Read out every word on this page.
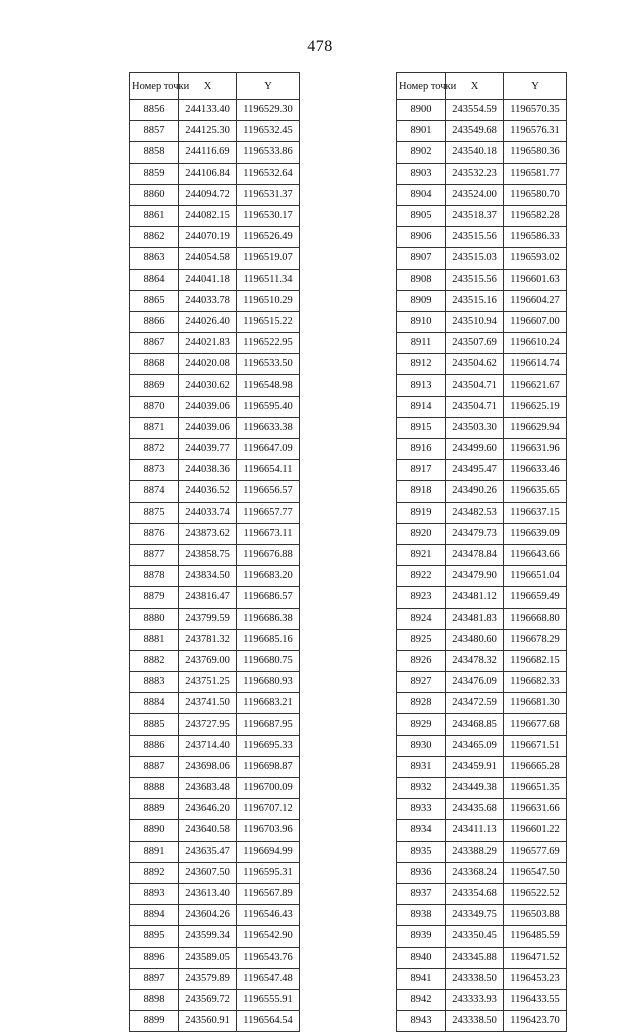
478
Номер точки	X	Y
8856	244133.40	1196529.30
8857	244125.30	1196532.45
8858	244116.69	1196533.86
8859	244106.84	1196532.64
8860	244094.72	1196531.37
8861	244082.15	1196530.17
8862	244070.19	1196526.49
8863	244054.58	1196519.07
8864	244041.18	1196511.34
8865	244033.78	1196510.29
8866	244026.40	1196515.22
8867	244021.83	1196522.95
8868	244020.08	1196533.50
8869	244030.62	1196548.98
8870	244039.06	1196595.40
8871	244039.06	1196633.38
8872	244039.77	1196647.09
8873	244038.36	1196654.11
8874	244036.52	1196656.57
8875	244033.74	1196657.77
8876	243873.62	1196673.11
8877	243858.75	1196676.88
8878	243834.50	1196683.20
8879	243816.47	1196686.57
8880	243799.59	1196686.38
8881	243781.32	1196685.16
8882	243769.00	1196680.75
8883	243751.25	1196680.93
8884	243741.50	1196683.21
8885	243727.95	1196687.95
8886	243714.40	1196695.33
8887	243698.06	1196698.87
8888	243683.48	1196700.09
8889	243646.20	1196707.12
8890	243640.58	1196703.96
8891	243635.47	1196694.99
8892	243607.50	1196595.31
8893	243613.40	1196567.89
8894	243604.26	1196546.43
8895	243599.34	1196542.90
8896	243589.05	1196543.76
8897	243579.89	1196547.48
8898	243569.72	1196555.91
8899	243560.91	1196564.54
Номер точки	X	Y
8900	243554.59	1196570.35
8901	243549.68	1196576.31
8902	243540.18	1196580.36
8903	243532.23	1196581.77
8904	243524.00	1196580.70
8905	243518.37	1196582.28
8906	243515.56	1196586.33
8907	243515.03	1196593.02
8908	243515.56	1196601.63
8909	243515.16	1196604.27
8910	243510.94	1196607.00
8911	243507.69	1196610.24
8912	243504.62	1196614.74
8913	243504.71	1196621.67
8914	243504.71	1196625.19
8915	243503.30	1196629.94
8916	243499.60	1196631.96
8917	243495.47	1196633.46
8918	243490.26	1196635.65
8919	243482.53	1196637.15
8920	243479.73	1196639.09
8921	243478.84	1196643.66
8922	243479.90	1196651.04
8923	243481.12	1196659.49
8924	243481.83	1196668.80
8925	243480.60	1196678.29
8926	243478.32	1196682.15
8927	243476.09	1196682.33
8928	243472.59	1196681.30
8929	243468.85	1196677.68
8930	243465.09	1196671.51
8931	243459.91	1196665.28
8932	243449.38	1196651.35
8933	243435.68	1196631.66
8934	243411.13	1196601.22
8935	243388.29	1196577.69
8936	243368.24	1196547.50
8937	243354.68	1196522.52
8938	243349.75	1196503.88
8939	243350.45	1196485.59
8940	243345.88	1196471.52
8941	243338.50	1196453.23
8942	243333.93	1196433.55
8943	243338.50	1196423.70
